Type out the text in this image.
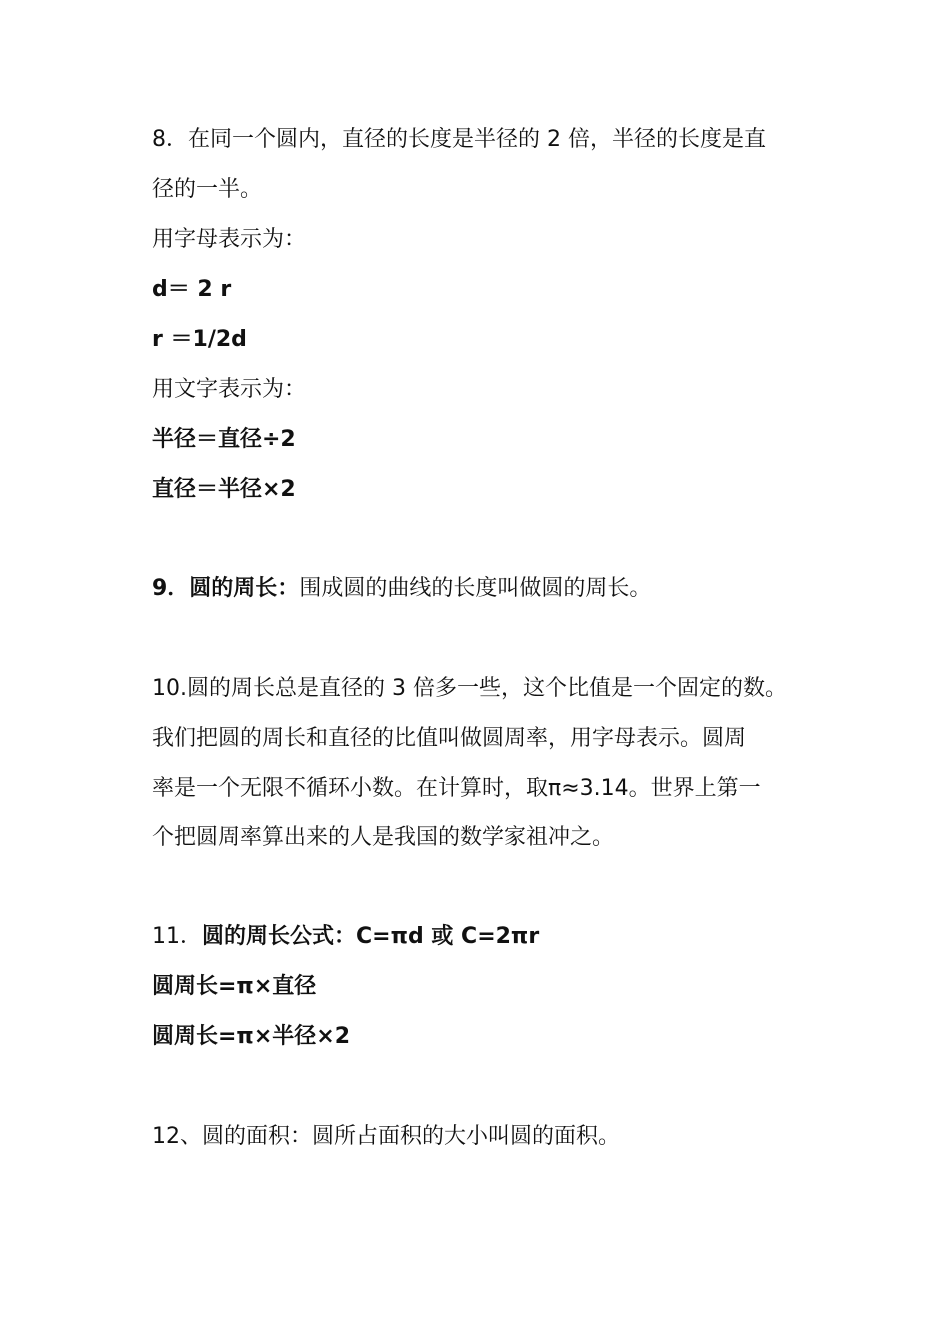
8．在同一个圆内，直径的长度是半径的 2 倍，半径的长度是直
径的一半。
用字母表示为：
d＝ 2 r
r ＝1/2d
用文字表示为：
半径＝直径÷2
直径＝半径×2
9．圆的周长：围成圆的曲线的长度叫做圆的周长。
10.圆的周长总是直径的 3 倍多一些，这个比值是一个固定的数。
我们把圆的周长和直径的比值叫做圆周率，用字母表示。圆周
率是一个无限不循环小数。在计算时，取π≈3.14。世界上第一
个把圆周率算出来的人是我国的数学家祖冲之。
11．圆的周长公式：C=πd 或 C=2πr
圆周长=π×直径
圆周长=π×半径×2
12、圆的面积：圆所占面积的大小叫圆的面积。
